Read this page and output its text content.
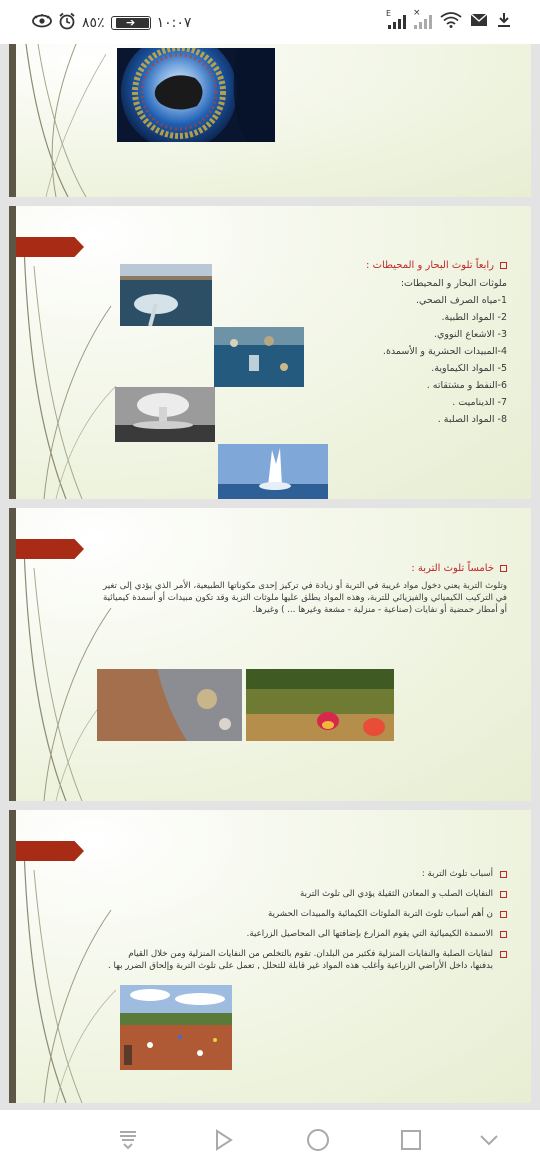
٨٥٪ ➔ ١٠:٠٧
E ×
رابعاً تلوث البحار و المحيطات :
ملوثات البحار و المحيطات:
1-مياه الصرف الصحي.
2- المواد الطبية.
3- الاشعاع النووي.
4-المبيدات الحشرية و الأسمدة.
5- المواد الكيماوية.
6-النفط و مشتقاته .
7- الديناميت .
8- المواد الصلبة .
خامساً تلوث التربة :
وتلوث التربة يعني دخول مواد غريبة في التربة أو زيادة في تركيز إحدى مكوناتها الطبيعية، الأمر الذي يؤدي إلى تغير في التركيب الكيميائي والفيزيائي للتربة، وهذه المواد يطلق عليها ملوثات التربة وقد تكون مبيدات أو أسمدة كيميائية أو أمطار حمضية أو نفايات (صناعية - منزلية - مشعة وغيرها ... ) وغيرها.
أسباب تلوث التربة :
النفايات الصلب و المعادن الثقيلة يؤدي الى تلوث التربة
ن أهم أسباب تلوث التربة الملوثات الكيمائية والمبيدات الحشرية
الاسمدة الكيميائية التي يقوم المزارع بإضافتها الى المحاصيل الزراعية.
لنفايات الصلبة والنفايات المنزلية فكثير من البلدان. تقوم بالتخلص من النفايات المنزلية ومن خلال القيام بدفنها، داخل الأراضي الزراعية وأغلب هذه المواد غير قابلة للتحلل , تعمل على تلوث التربة وإلحاق الضرر بها .
